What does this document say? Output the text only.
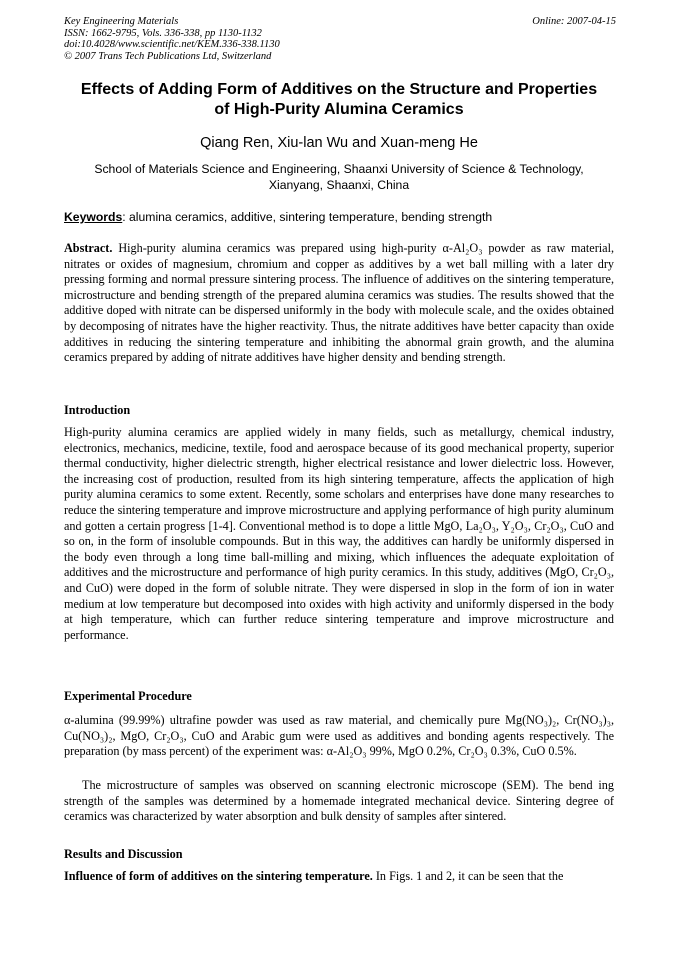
Key Engineering Materials
ISSN: 1662-9795, Vols. 336-338, pp 1130-1132
doi:10.4028/www.scientific.net/KEM.336-338.1130
© 2007 Trans Tech Publications Ltd, Switzerland
Online: 2007-04-15
Effects of Adding Form of Additives on the Structure and Properties
of High-Purity Alumina Ceramics
Qiang Ren, Xiu-lan Wu and Xuan-meng He
School of Materials Science and Engineering, Shaanxi University of Science & Technology,
Xianyang, Shaanxi, China
Keywords: alumina ceramics, additive, sintering temperature, bending strength
Abstract. High-purity alumina ceramics was prepared using high-purity α-Al₂O₃ powder as raw material, nitrates or oxides of magnesium, chromium and copper as additives by a wet ball milling with a later dry pressing forming and normal pressure sintering process. The influence of additives on the sintering temperature, microstructure and bending strength of the prepared alumina ceramics was studies. The results showed that the additive doped with nitrate can be dispersed uniformly in the body with molecule scale, and the oxides obtained by decomposing of nitrates have the higher reactivity. Thus, the nitrate additives have better capacity than oxide additives in reducing the sintering temperature and inhibiting the abnormal grain growth, and the alumina ceramics prepared by adding of nitrate additives have higher density and bending strength.
Introduction
High-purity alumina ceramics are applied widely in many fields, such as metallurgy, chemical industry, electronics, mechanics, medicine, textile, food and aerospace because of its good mechanical property, superior thermal conductivity, higher dielectric strength, higher electrical resistance and lower dielectric loss. However, the increasing cost of production, resulted from its high sintering temperature, affects the application of high purity alumina ceramics to some extent. Recently, some scholars and enterprises have done many researches to reduce the sintering temperature and improve microstructure and applying performance of high purity aluminum and gotten a certain progress [1-4]. Conventional method is to dope a little MgO, La₂O₃, Y₂O₃, Cr₂O₃, CuO and so on, in the form of insoluble compounds. But in this way, the additives can hardly be uniformly dispersed in the body even through a long time ball-milling and mixing, which influences the adequate exploitation of additives and the microstructure and performance of high purity ceramics. In this study, additives (MgO, Cr₂O₃, and CuO) were doped in the form of soluble nitrate. They were dispersed in slop in the form of ion in water medium at low temperature but decomposed into oxides with high activity and uniformly dispersed in the body at high temperature, which can further reduce sintering temperature and improve microstructure and performance.
Experimental Procedure
α-alumina (99.99%) ultrafine powder was used as raw material, and chemically pure Mg(NO₃)₂, Cr(NO₃)₃, Cu(NO₃)₂, MgO, Cr₂O₃, CuO and Arabic gum were used as additives and bonding agents respectively. The preparation (by mass percent) of the experiment was: α-Al₂O₃ 99%, MgO 0.2%, Cr₂O₃ 0.3%, CuO 0.5%.
The microstructure of samples was observed on scanning electronic microscope (SEM). The bend ing strength of the samples was determined by a homemade integrated mechanical device. Sintering degree of ceramics was characterized by water absorption and bulk density of samples after sintered.
Results and Discussion
Influence of form of additives on the sintering temperature. In Figs. 1 and 2, it can be seen that the
